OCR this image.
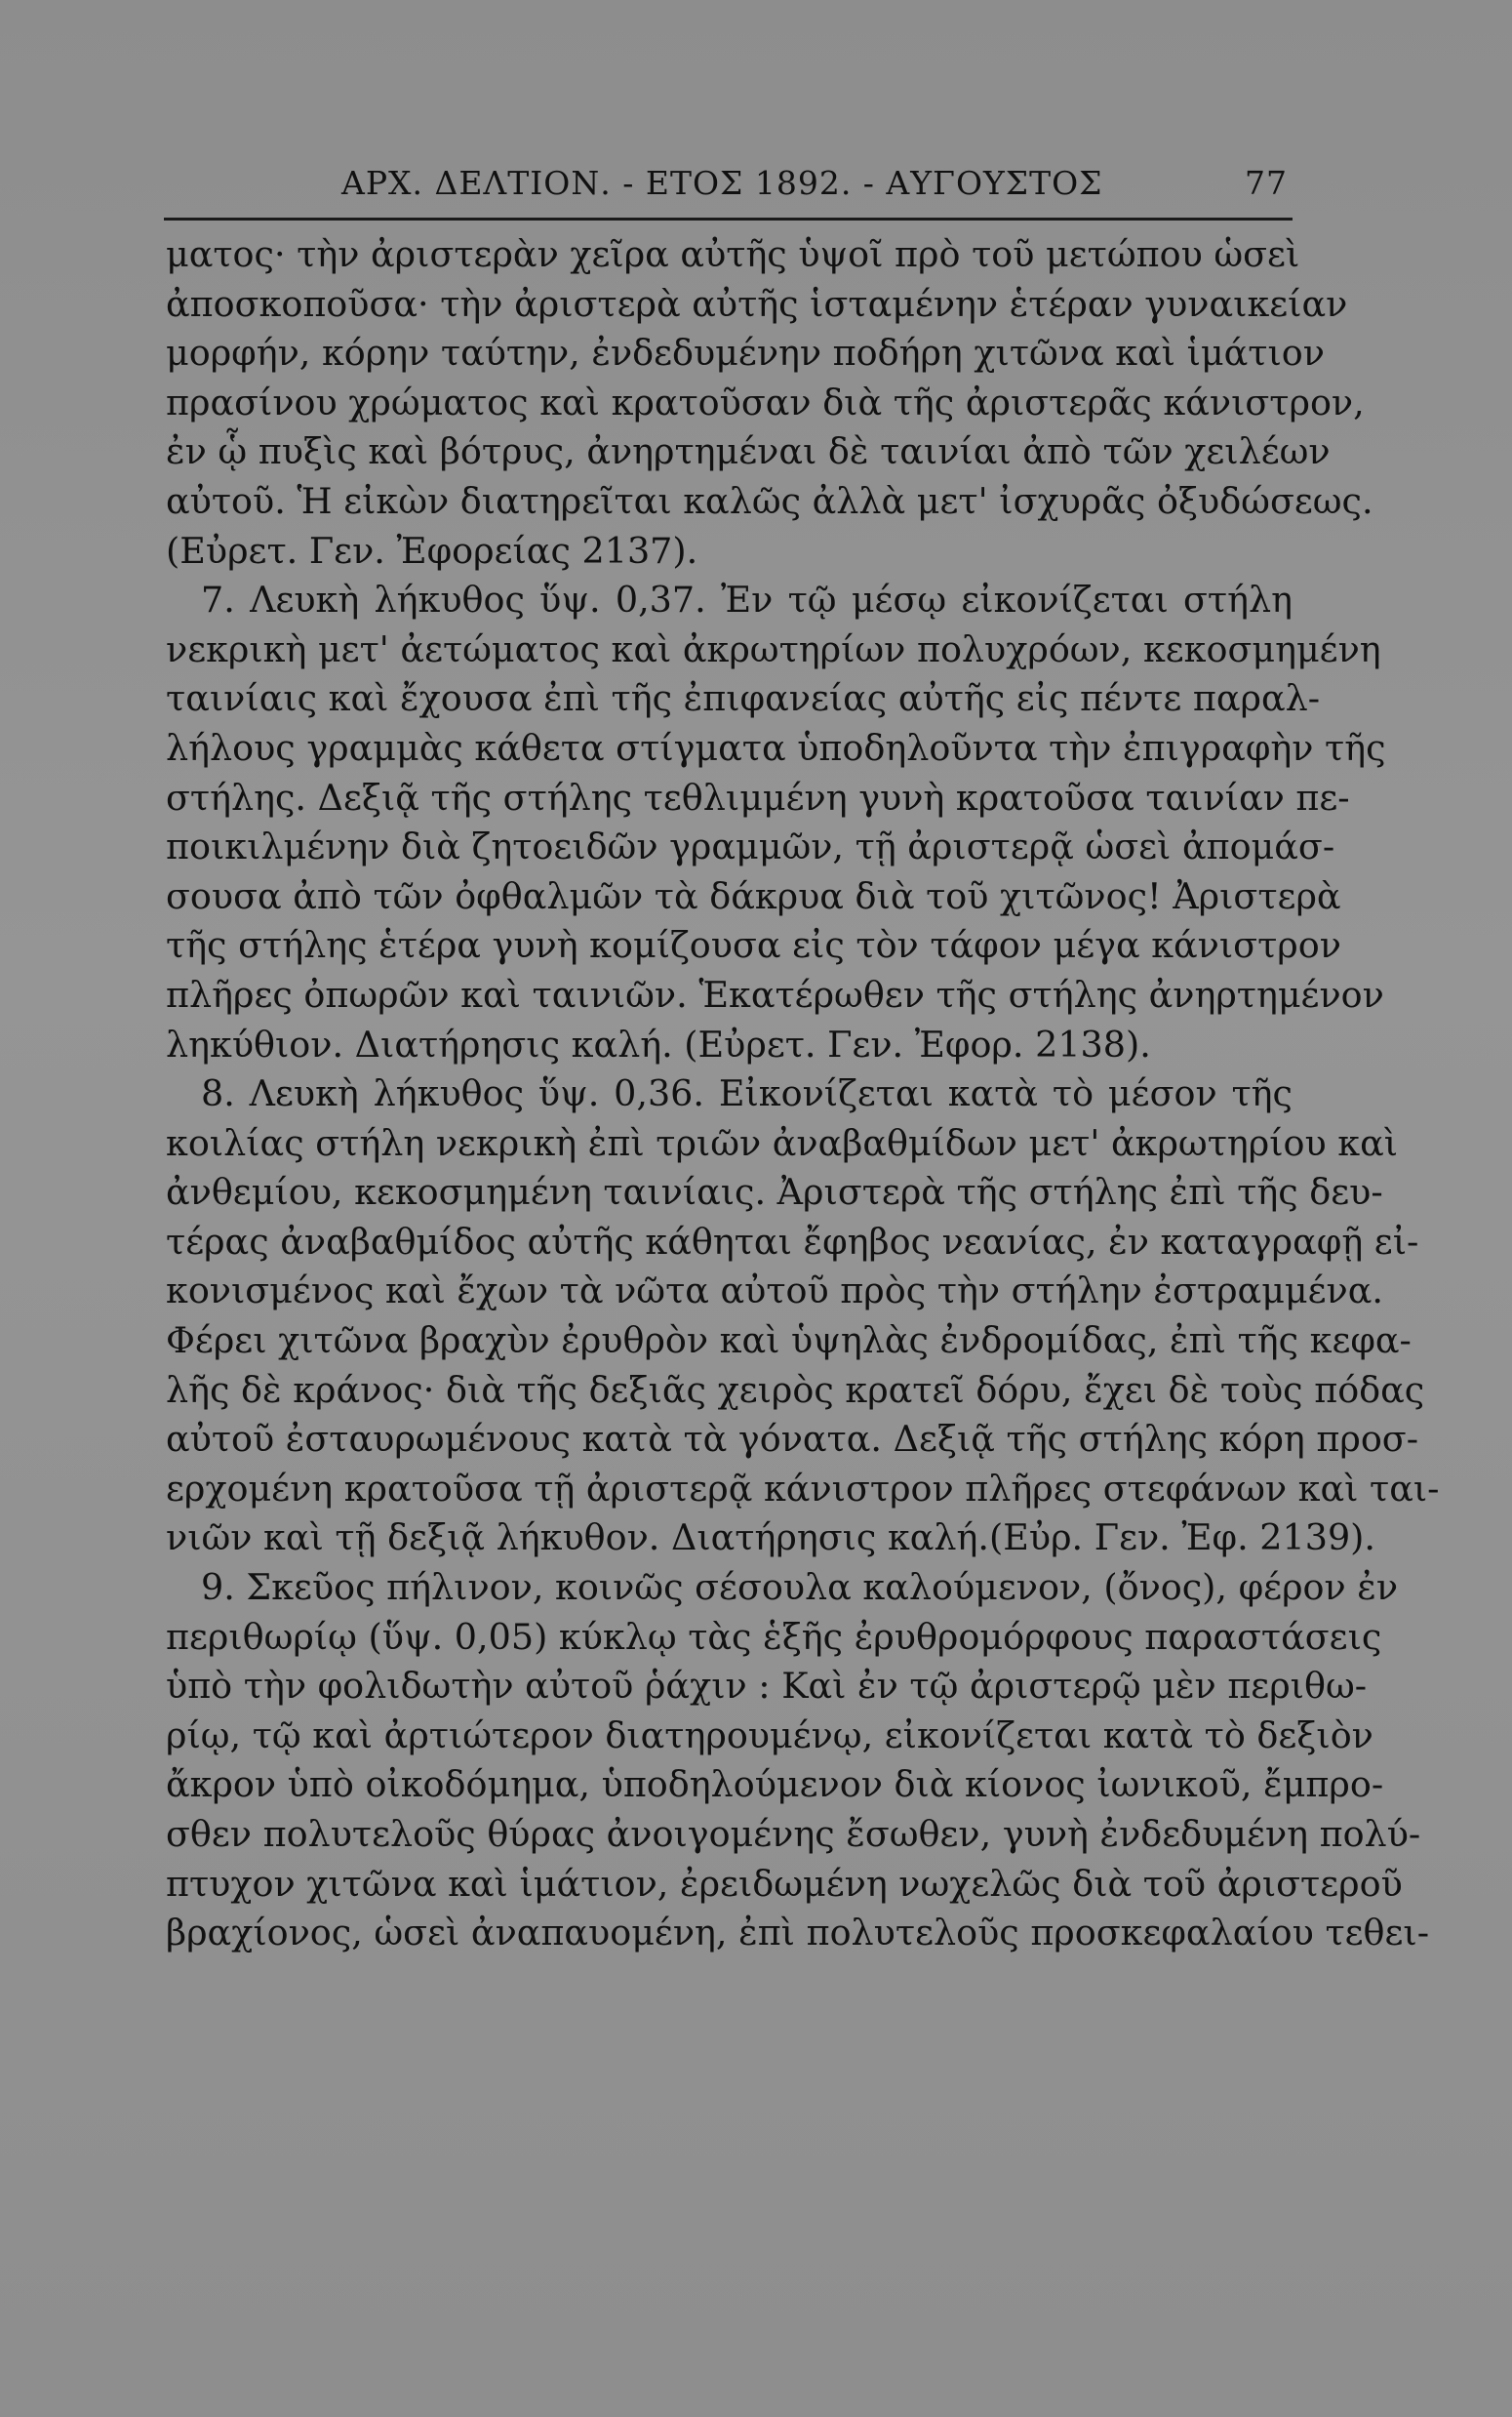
ΑΡΧ. ΔΕΛΤΙΟΝ. - ΕΤΟΣ 1892. - ΑΥΓΟΥΣΤΟΣ	77
ματος· τὴν ἀριστερὰν χεῖρα αὐτῆς ὑψοῖ πρὸ τοῦ μετώπου ὡσεὶ
ἀποσκοποῦσα· τὴν ἀριστερὰ αὐτῆς ἱσταμένην ἑτέραν γυναικείαν
μορφήν, κόρην ταύτην, ἐνδεδυμένην ποδήρη χιτῶνα καὶ ἱμάτιον
πρασίνου χρώματος καὶ κρατοῦσαν διὰ τῆς ἀριστερᾶς κάνιστρον,
ἐν ᾧ πυξὶς καὶ βότρυς, ἀνηρτημέναι δὲ ταινίαι ἀπὸ τῶν χειλέων
αὐτοῦ. Ἡ εἰκὼν διατηρεῖται καλῶς ἀλλὰ μετ' ἰσχυρᾶς ὀξυδώσεως.
(Εὐρετ. Γεν. Ἐφορείας 2137).
7. Λευκὴ λήκυθος ὕψ. 0,37. Ἐν τῷ μέσῳ εἰκονίζεται στήλη
νεκρικὴ μετ' ἀετώματος καὶ ἀκρωτηρίων πολυχρόων, κεκοσμημένη
ταινίαις καὶ ἔχουσα ἐπὶ τῆς ἐπιφανείας αὐτῆς εἰς πέντε παραλ-
λήλους γραμμὰς κάθετα στίγματα ὑποδηλοῦντα τὴν ἐπιγραφὴν τῆς
στήλης. Δεξιᾷ τῆς στήλης τεθλιμμένη γυνὴ κρατοῦσα ταινίαν πε-
ποικιλμένην διὰ ζητοειδῶν γραμμῶν, τῇ ἀριστερᾷ ὡσεὶ ἀπομάσ-
σουσα ἀπὸ τῶν ὀφθαλμῶν τὰ δάκρυα διὰ τοῦ χιτῶνος! Ἀριστερὰ
τῆς στήλης ἑτέρα γυνὴ κομίζουσα εἰς τὸν τάφον μέγα κάνιστρον
πλῆρες ὀπωρῶν καὶ ταινιῶν. Ἑκατέρωθεν τῆς στήλης ἀνηρτημένον
ληκύθιον. Διατήρησις καλή. (Εὐρετ. Γεν. Ἐφορ. 2138).
8. Λευκὴ λήκυθος ὕψ. 0,36. Εἰκονίζεται κατὰ τὸ μέσον τῆς
κοιλίας στήλη νεκρικὴ ἐπὶ τριῶν ἀναβαθμίδων μετ' ἀκρωτηρίου καὶ
ἀνθεμίου, κεκοσμημένη ταινίαις. Ἀριστερὰ τῆς στήλης ἐπὶ τῆς δευ-
τέρας ἀναβαθμίδος αὐτῆς κάθηται ἔφηβος νεανίας, ἐν καταγραφῇ εἰ-
κονισμένος καὶ ἔχων τὰ νῶτα αὐτοῦ πρὸς τὴν στήλην ἐστραμμένα.
Φέρει χιτῶνα βραχὺν ἐρυθρὸν καὶ ὑψηλὰς ἐνδρομίδας, ἐπὶ τῆς κεφα-
λῆς δὲ κράνος· διὰ τῆς δεξιᾶς χειρὸς κρατεῖ δόρυ, ἔχει δὲ τοὺς πόδας
αὐτοῦ ἐσταυρωμένους κατὰ τὰ γόνατα. Δεξιᾷ τῆς στήλης κόρη προσ-
ερχομένη κρατοῦσα τῇ ἀριστερᾷ κάνιστρον πλῆρες στεφάνων καὶ ται-
νιῶν καὶ τῇ δεξιᾷ λήκυθον. Διατήρησις καλή.(Εὐρ. Γεν. Ἐφ. 2139).
9. Σκεῦος πήλινον, κοινῶς σέσουλα καλούμενον, (ὄνος), φέρον ἐν
περιθωρίῳ (ὕψ. 0,05) κύκλῳ τὰς ἑξῆς ἐρυθρομόρφους παραστάσεις
ὑπὸ τὴν φολιδωτὴν αὐτοῦ ῥάχιν : Καὶ ἐν τῷ ἀριστερῷ μὲν περιθω-
ρίῳ, τῷ καὶ ἀρτιώτερον διατηρουμένῳ, εἰκονίζεται κατὰ τὸ δεξιὸν
ἄκρον ὑπὸ οἰκοδόμημα, ὑποδηλούμενον διὰ κίονος ἰωνικοῦ, ἔμπρο-
σθεν πολυτελοῦς θύρας ἀνοιγομένης ἔσωθεν, γυνὴ ἐνδεδυμένη πολύ-
πτυχον χιτῶνα καὶ ἱμάτιον, ἐρειδωμένη νωχελῶς διὰ τοῦ ἀριστεροῦ
βραχίονος, ὡσεὶ ἀναπαυομένη, ἐπὶ πολυτελοῦς προσκεφαλαίου τεθει-
